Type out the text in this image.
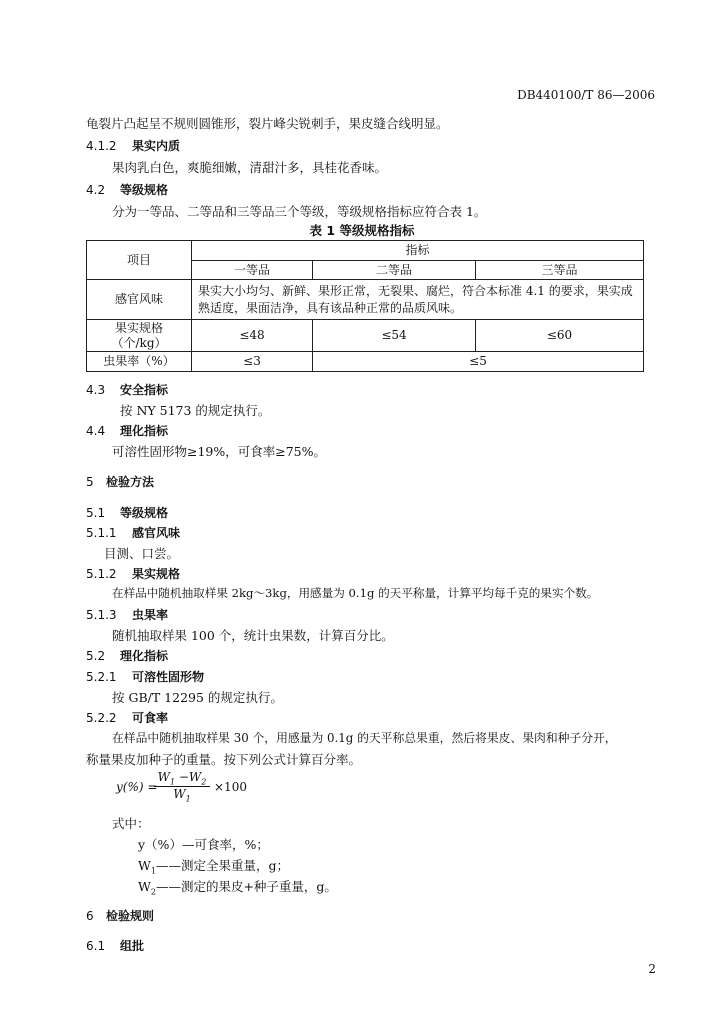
DB440100/T 86—2006
龟裂片凸起呈不规则圆锥形，裂片峰尖锐刺手，果皮缝合线明显。
4.1.2 果实内质
果肉乳白色，爽脆细嫩，清甜汁多，具桂花香味。
4.2 等级规格
分为一等品、二等品和三等品三个等级，等级规格指标应符合表 1。
表 1 等级规格指标
项目	指标		
	一等品	二等品	三等品
感官风味	果实大小均匀、新鲜、果形正常，无裂果、腐烂，符合本标准 4.1 的要求，果实成熟适度，果面洁净，具有该品种正常的品质风味。		

果实规格
（个/kg）	≤48	≤54	≤60
虫果率（%）	≤3	≤5	
4.3 安全指标
按 NY 5173 的规定执行。
4.4 理化指标
可溶性固形物≥19%，可食率≥75%。
5 检验方法
5.1 等级规格
5.1.1 感官风味
目测、口尝。
5.1.2 果实规格
在样品中随机抽取样果 2kg～3kg，用感量为 0.1g 的天平称量，计算平均每千克的果实个数。
5.1.3 虫果率
随机抽取样果 100 个，统计虫果数，计算百分比。
5.2 理化指标
5.2.1 可溶性固形物
按 GB/T 12295 的规定执行。
5.2.2 可食率
在样品中随机抽取样果 30 个，用感量为 0.1g 的天平称总果重，然后将果皮、果肉和种子分开，
称量果皮加种子的重量。按下列公式计算百分率。
y(%) =
$W_1 -W_2$
$W_1$
×100
式中：
y（%）—可食率，%；
$W_1——$测定全果重量，g；
$W_2——$测定的果皮+种子重量，g。
6 检验规则
6.1 组批
2
